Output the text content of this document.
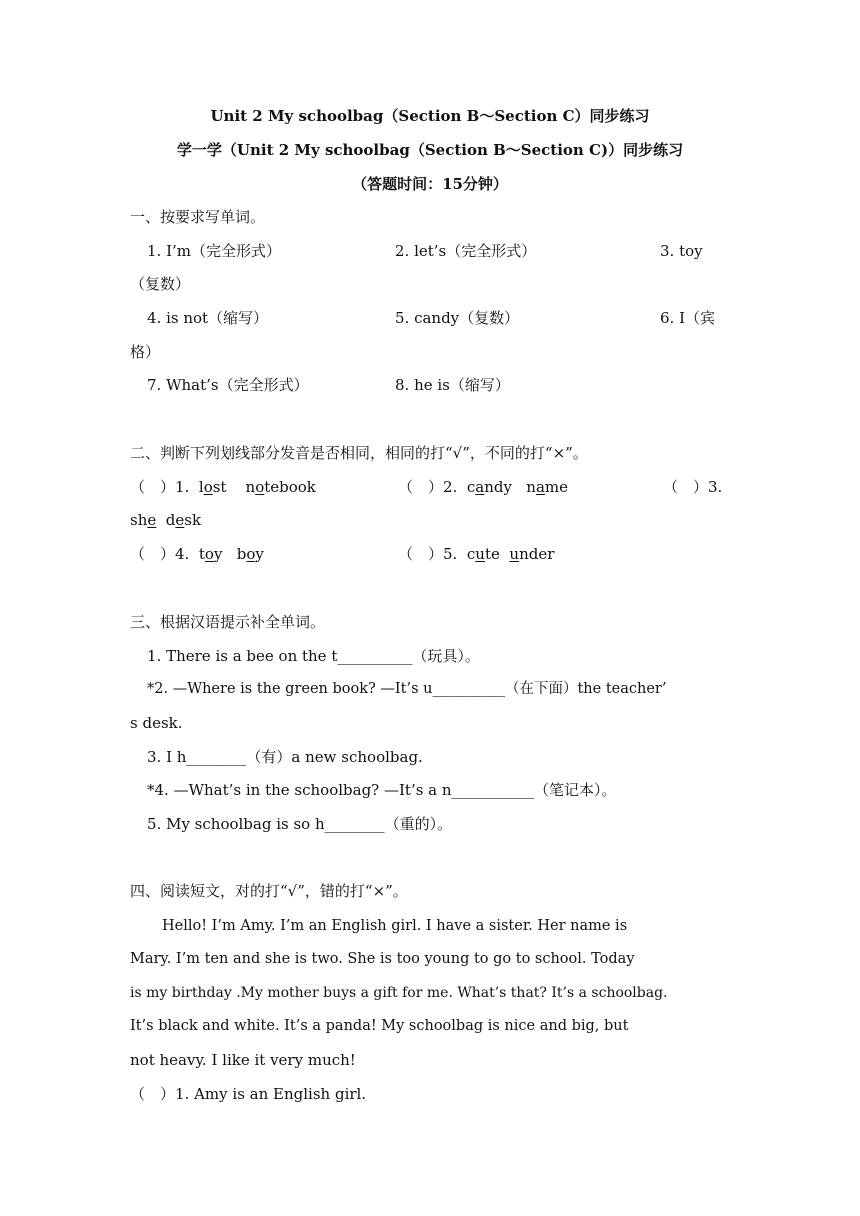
Unit 2 My schoolbag（Section B～Section C）同步练习
学一学（Unit 2 My schoolbag（Section B～Section C)）同步练习
（答题时间：15分钟）
一、按要求写单词。
1. I’m（完全形式）	2. let’s（完全形式）	3. toy
（复数）
4. is not（缩写）	5. candy（复数）	6. I（宾
格）
7. What’s（完全形式）	8. he is（缩写）
二、判断下列划线部分发音是否相同，相同的打“√”，不同的打“×”。
（　）1. lost notebook	（　）2. candy name	（　）3.
she desk
（　）4. toy boy	（　）5. cute under
三、根据汉语提示补全单词。
1. There is a bee on the t__________（玩具）。
*2. —Where is the green book? —It’s u__________（在下面）the teacher’
s desk.
3. I h________（有）a new schoolbag.
*4. —What’s in the schoolbag? —It’s a n___________（笔记本）。
5. My schoolbag is so h________（重的）。
四、阅读短文，对的打“√”，错的打“×”。
Hello! I’m Amy. I’m an English girl. I have a sister. Her name is
Mary. I’m ten and she is two. She is too young to go to school. Today
is my birthday .My mother buys a gift for me. What’s that? It’s a schoolbag.
It’s black and white. It’s a panda! My schoolbag is nice and big, but
not heavy. I like it very much!
（　）1. Amy is an English girl.
